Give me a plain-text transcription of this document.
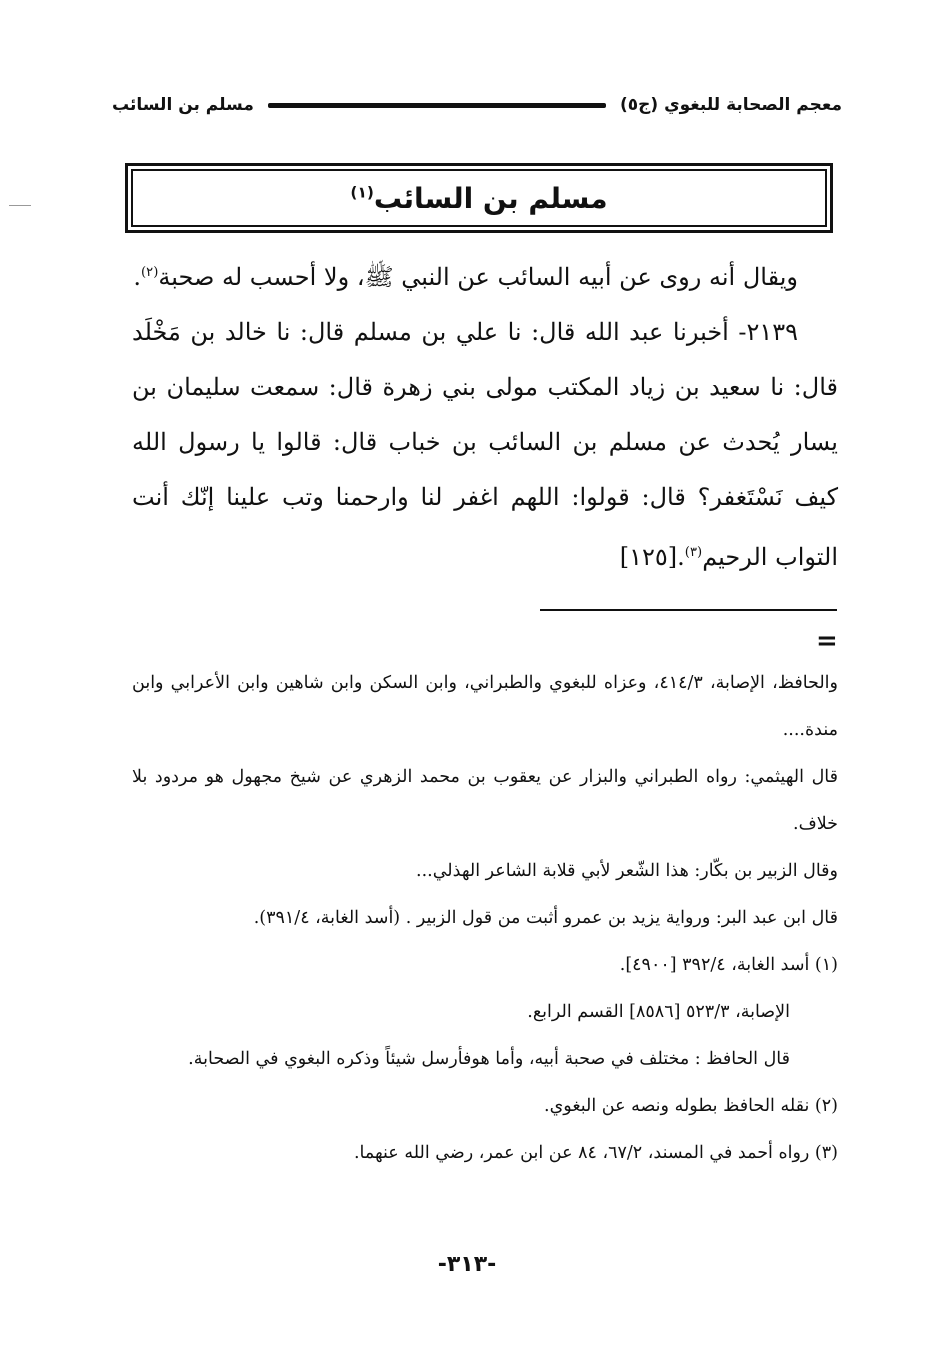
معجم الصحابة للبغوي (ج٥)
مسلم بن السائب
مسلم بن السائب$^{(١)}$

ويقال أنه روى عن أبيه السائب عن النبي ﷺ، ولا أحسب له صحبة$^{(٢)}$.

٢١٣٩- أخبرنا عبد الله قال: نا علي بن مسلم قال: نا خالد بن مَخْلَد قال: نا سعيد بن زياد المكتب مولى بني زهرة قال: سمعت سليمان بن يسار يُحدث عن مسلم بن السائب بن خباب قال: قالوا يا رسول الله كيف نَسْتَغفر؟ قال: قولوا: اللهم اغفر لنا وارحمنا وتب علينا إنّك أنت التواب الرحيم$^{(٣)}$.[١٢٥]

=

والحافظ، الإصابة، ٤١٤/٣، وعزاه للبغوي والطبراني، وابن السكن وابن شاهين وابن الأعرابي وابن مندة....

قال الهيثمي: رواه الطبراني والبزار عن يعقوب بن محمد الزهري عن شيخ مجهول هو مردود بلا خلاف.

وقال الزبير بن بكّار: هذا الشّعر لأبي قلابة الشاعر الهذلي...

قال ابن عبد البر: ورواية يزيد بن عمرو أثبت من قول الزبير . (أسد الغابة، ٣٩١/٤).

(١) أسد الغابة، ٣٩٢/٤ [٤٩٠٠].

الإصابة، ٥٢٣/٣ [٨٥٨٦] القسم الرابع.

قال الحافظ : مختلف في صحبة أبيه، وأما هوفأرسل شيئاً وذكره البغوي في الصحابة.

(٢) نقله الحافظ بطوله ونصه عن البغوي.

(٣) رواه أحمد في المسند، ٦٧/٢، ٨٤ عن ابن عمر، رضي الله عنهما.

-٣١٣-
